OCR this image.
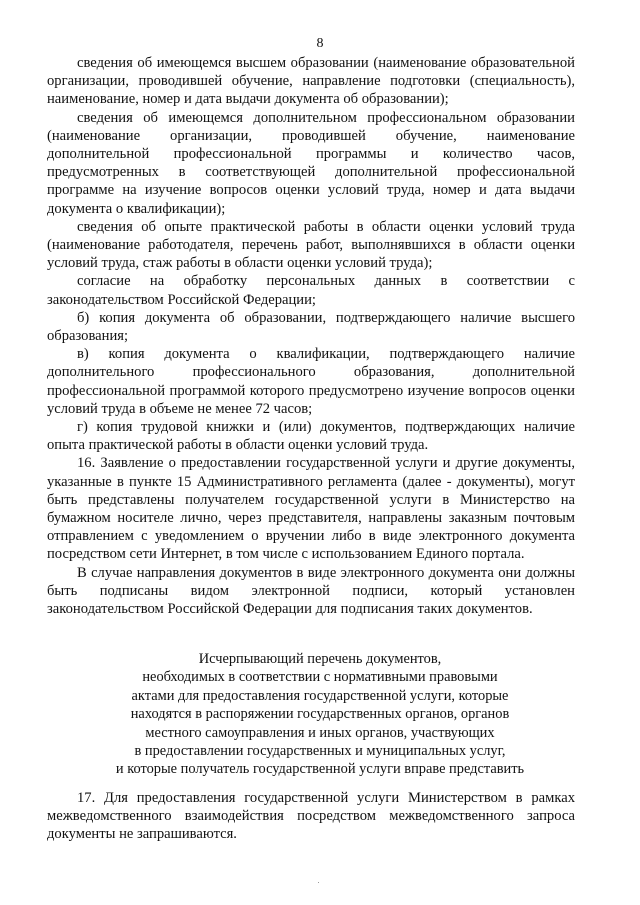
8

сведения об имеющемся высшем образовании (наименование образовательной организации, проводившей обучение, направление подготовки (специальность), наименование, номер и дата выдачи документа об образовании);

сведения об имеющемся дополнительном профессиональном образовании (наименование организации, проводившей обучение, наименование дополнительной профессиональной программы и количество часов, предусмотренных в соответствующей дополнительной профессиональной программе на изучение вопросов оценки условий труда, номер и дата выдачи документа о квалификации);

сведения об опыте практической работы в области оценки условий труда (наименование работодателя, перечень работ, выполнявшихся в области оценки условий труда, стаж работы в области оценки условий труда);

согласие на обработку персональных данных в соответствии с законодательством Российской Федерации;

б) копия документа об образовании, подтверждающего наличие высшего образования;

в) копия документа о квалификации, подтверждающего наличие дополнительного профессионального образования, дополнительной профессиональной программой которого предусмотрено изучение вопросов оценки условий труда в объеме не менее 72 часов;

г) копия трудовой книжки и (или) документов, подтверждающих наличие опыта практической работы в области оценки условий труда.

16. Заявление о предоставлении государственной услуги и другие документы, указанные в пункте 15 Административного регламента (далее - документы), могут быть представлены получателем государственной услуги в Министерство на бумажном носителе лично, через представителя, направлены заказным почтовым отправлением с уведомлением о вручении либо в виде электронного документа посредством сети Интернет, в том числе с использованием Единого портала.

В случае направления документов в виде электронного документа они должны быть подписаны видом электронной подписи, который установлен законодательством Российской Федерации для подписания таких документов.

Исчерпывающий перечень документов,
необходимых в соответствии с нормативными правовыми
актами для предоставления государственной услуги, которые
находятся в распоряжении государственных органов, органов
местного самоуправления и иных органов, участвующих
в предоставлении государственных и муниципальных услуг,
и которые получатель государственной услуги вправе представить

17. Для предоставления государственной услуги Министерством в рамках межведомственного взаимодействия посредством межведомственного запроса документы не запрашиваются.
